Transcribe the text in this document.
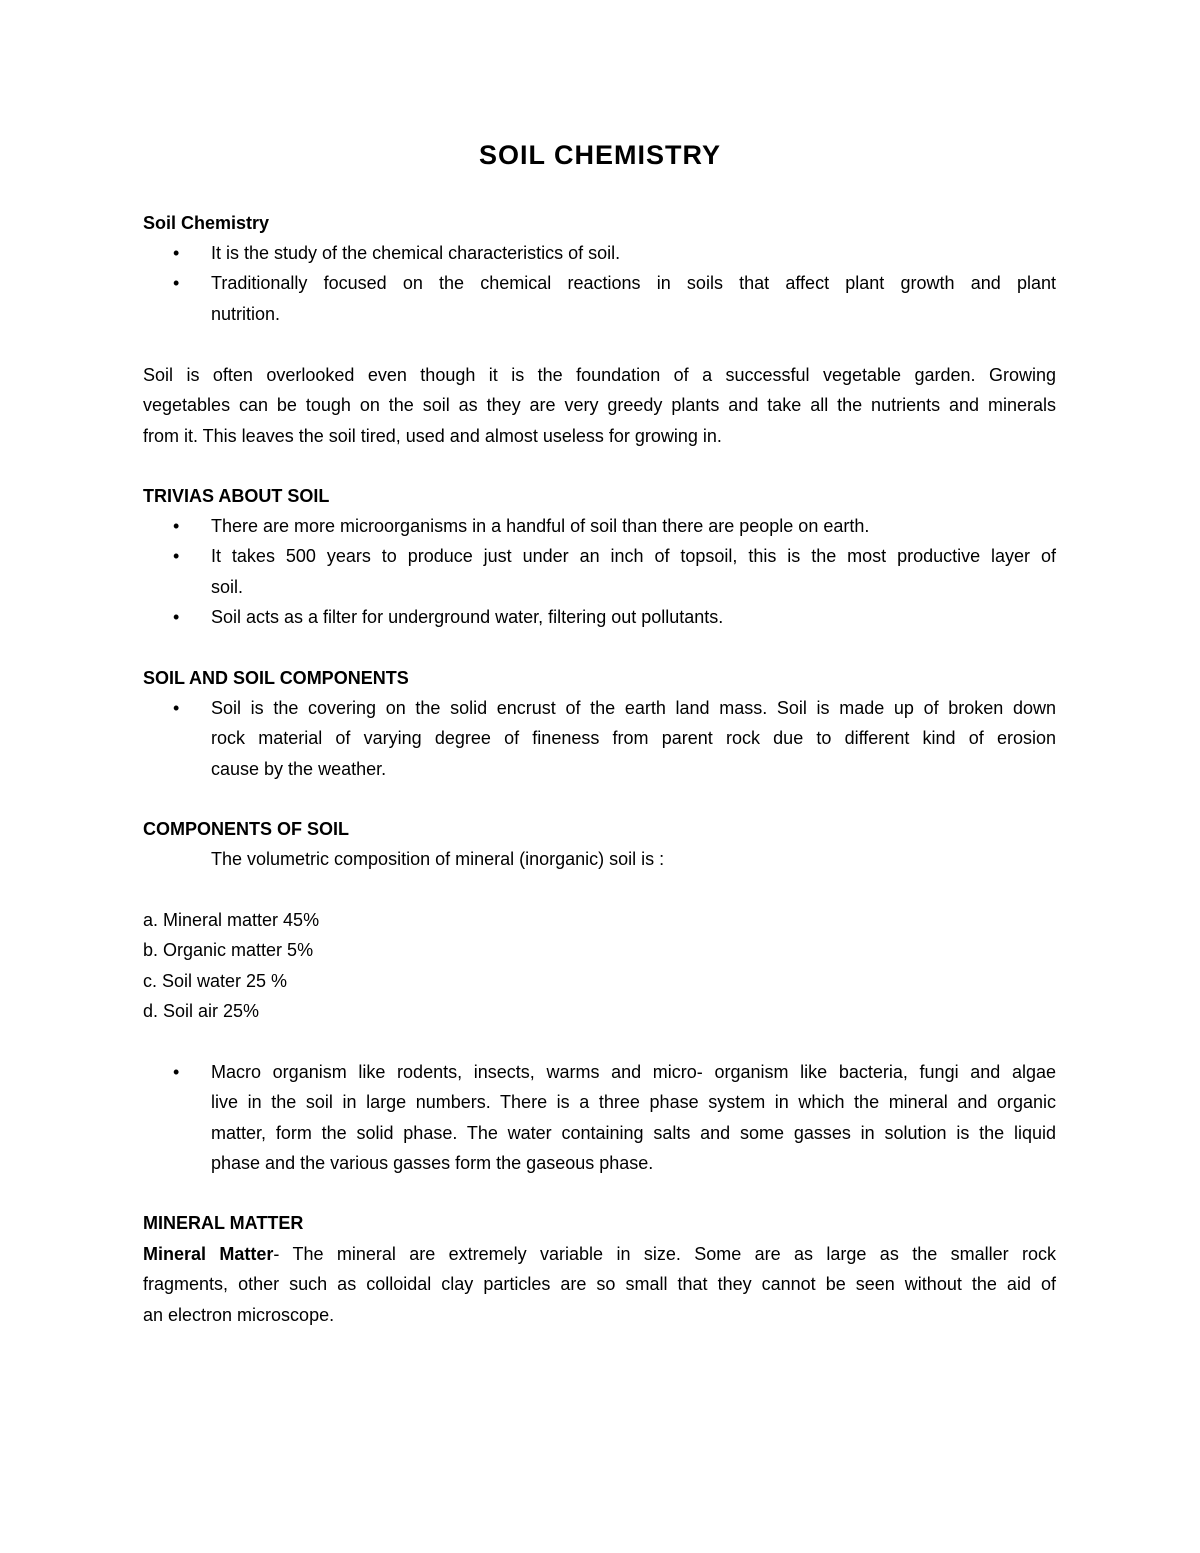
SOIL CHEMISTRY
Soil Chemistry
• It is the study of the chemical characteristics of soil.
• Traditionally focused on the chemical reactions in soils that affect plant growth and plant
nutrition.
Soil is often overlooked even though it is the foundation of a successful vegetable garden. Growing
vegetables can be tough on the soil as they are very greedy plants and take all the nutrients and minerals
from it. This leaves the soil tired, used and almost useless for growing in.
TRIVIAS ABOUT SOIL
• There are more microorganisms in a handful of soil than there are people on earth.
• It takes 500 years to produce just under an inch of topsoil, this is the most productive layer of
soil.
• Soil acts as a filter for underground water, filtering out pollutants.
SOIL AND SOIL COMPONENTS
• Soil is the covering on the solid encrust of the earth land mass. Soil is made up of broken down
rock material of varying degree of fineness from parent rock due to different kind of erosion
cause by the weather.
COMPONENTS OF SOIL
The volumetric composition of mineral (inorganic) soil is :
a. Mineral matter 45%
b. Organic matter 5%
c. Soil water 25 %
d. Soil air 25%
• Macro organism like rodents, insects, warms and micro- organism like bacteria, fungi and algae
live in the soil in large numbers. There is a three phase system in which the mineral and organic
matter, form the solid phase. The water containing salts and some gasses in solution is the liquid
phase and the various gasses form the gaseous phase.
MINERAL MATTER
Mineral Matter- The mineral are extremely variable in size. Some are as large as the smaller rock
fragments, other such as colloidal clay particles are so small that they cannot be seen without the aid of
an electron microscope.
